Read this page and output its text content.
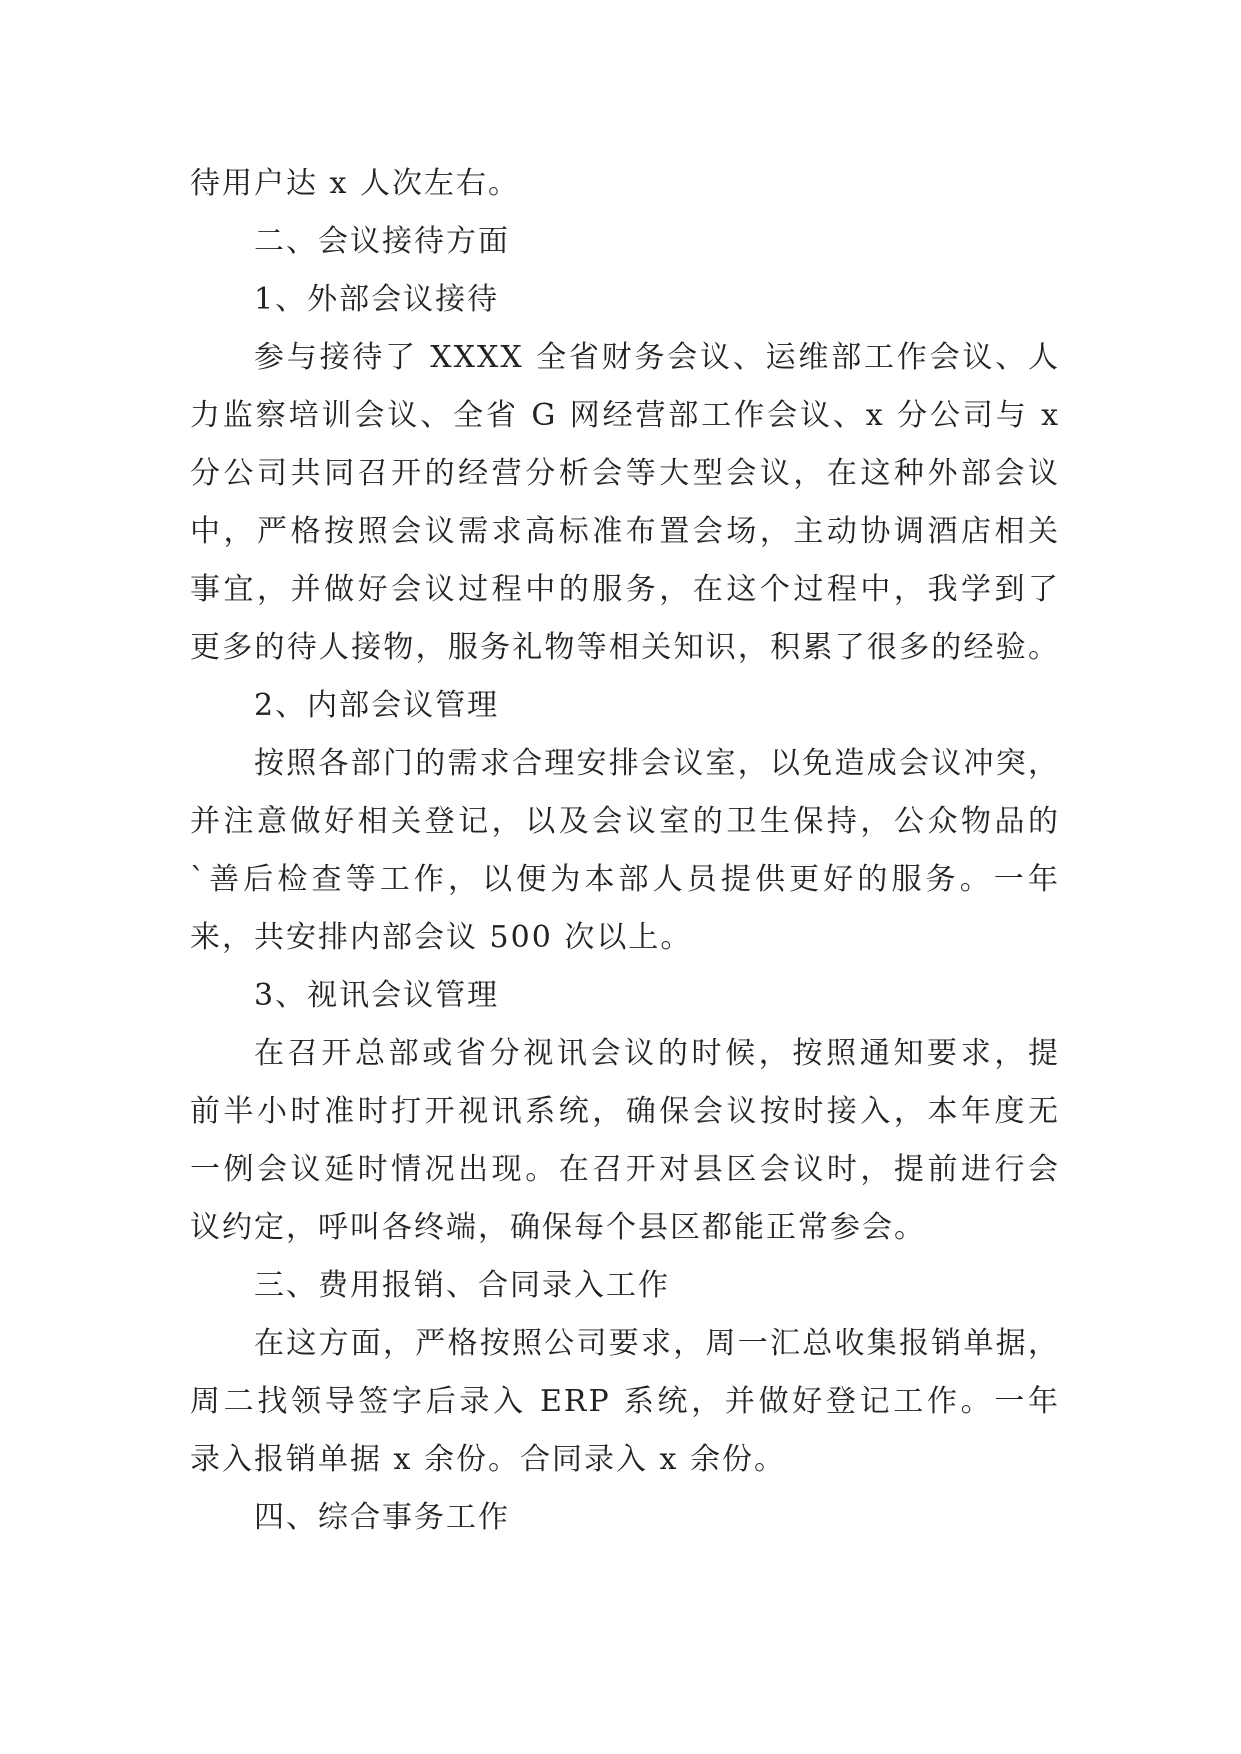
待用户达 x 人次左右。
二、会议接待方面
1、外部会议接待
参与接待了 XXXX 全省财务会议、运维部工作会议、人
力监察培训会议、全省 G 网经营部工作会议、x 分公司与 x
分公司共同召开的经营分析会等大型会议，在这种外部会议
中，严格按照会议需求高标准布置会场，主动协调酒店相关
事宜，并做好会议过程中的服务，在这个过程中，我学到了
更多的待人接物，服务礼物等相关知识，积累了很多的经验。
2、内部会议管理
按照各部门的需求合理安排会议室，以免造成会议冲突，
并注意做好相关登记，以及会议室的卫生保持，公众物品的
`善后检查等工作，以便为本部人员提供更好的服务。一年
来，共安排内部会议 500 次以上。
3、视讯会议管理
在召开总部或省分视讯会议的时候，按照通知要求，提
前半小时准时打开视讯系统，确保会议按时接入，本年度无
一例会议延时情况出现。在召开对县区会议时，提前进行会
议约定，呼叫各终端，确保每个县区都能正常参会。
三、费用报销、合同录入工作
在这方面，严格按照公司要求，周一汇总收集报销单据，
周二找领导签字后录入 ERP 系统，并做好登记工作。一年
录入报销单据 x 余份。合同录入 x 余份。
四、综合事务工作
